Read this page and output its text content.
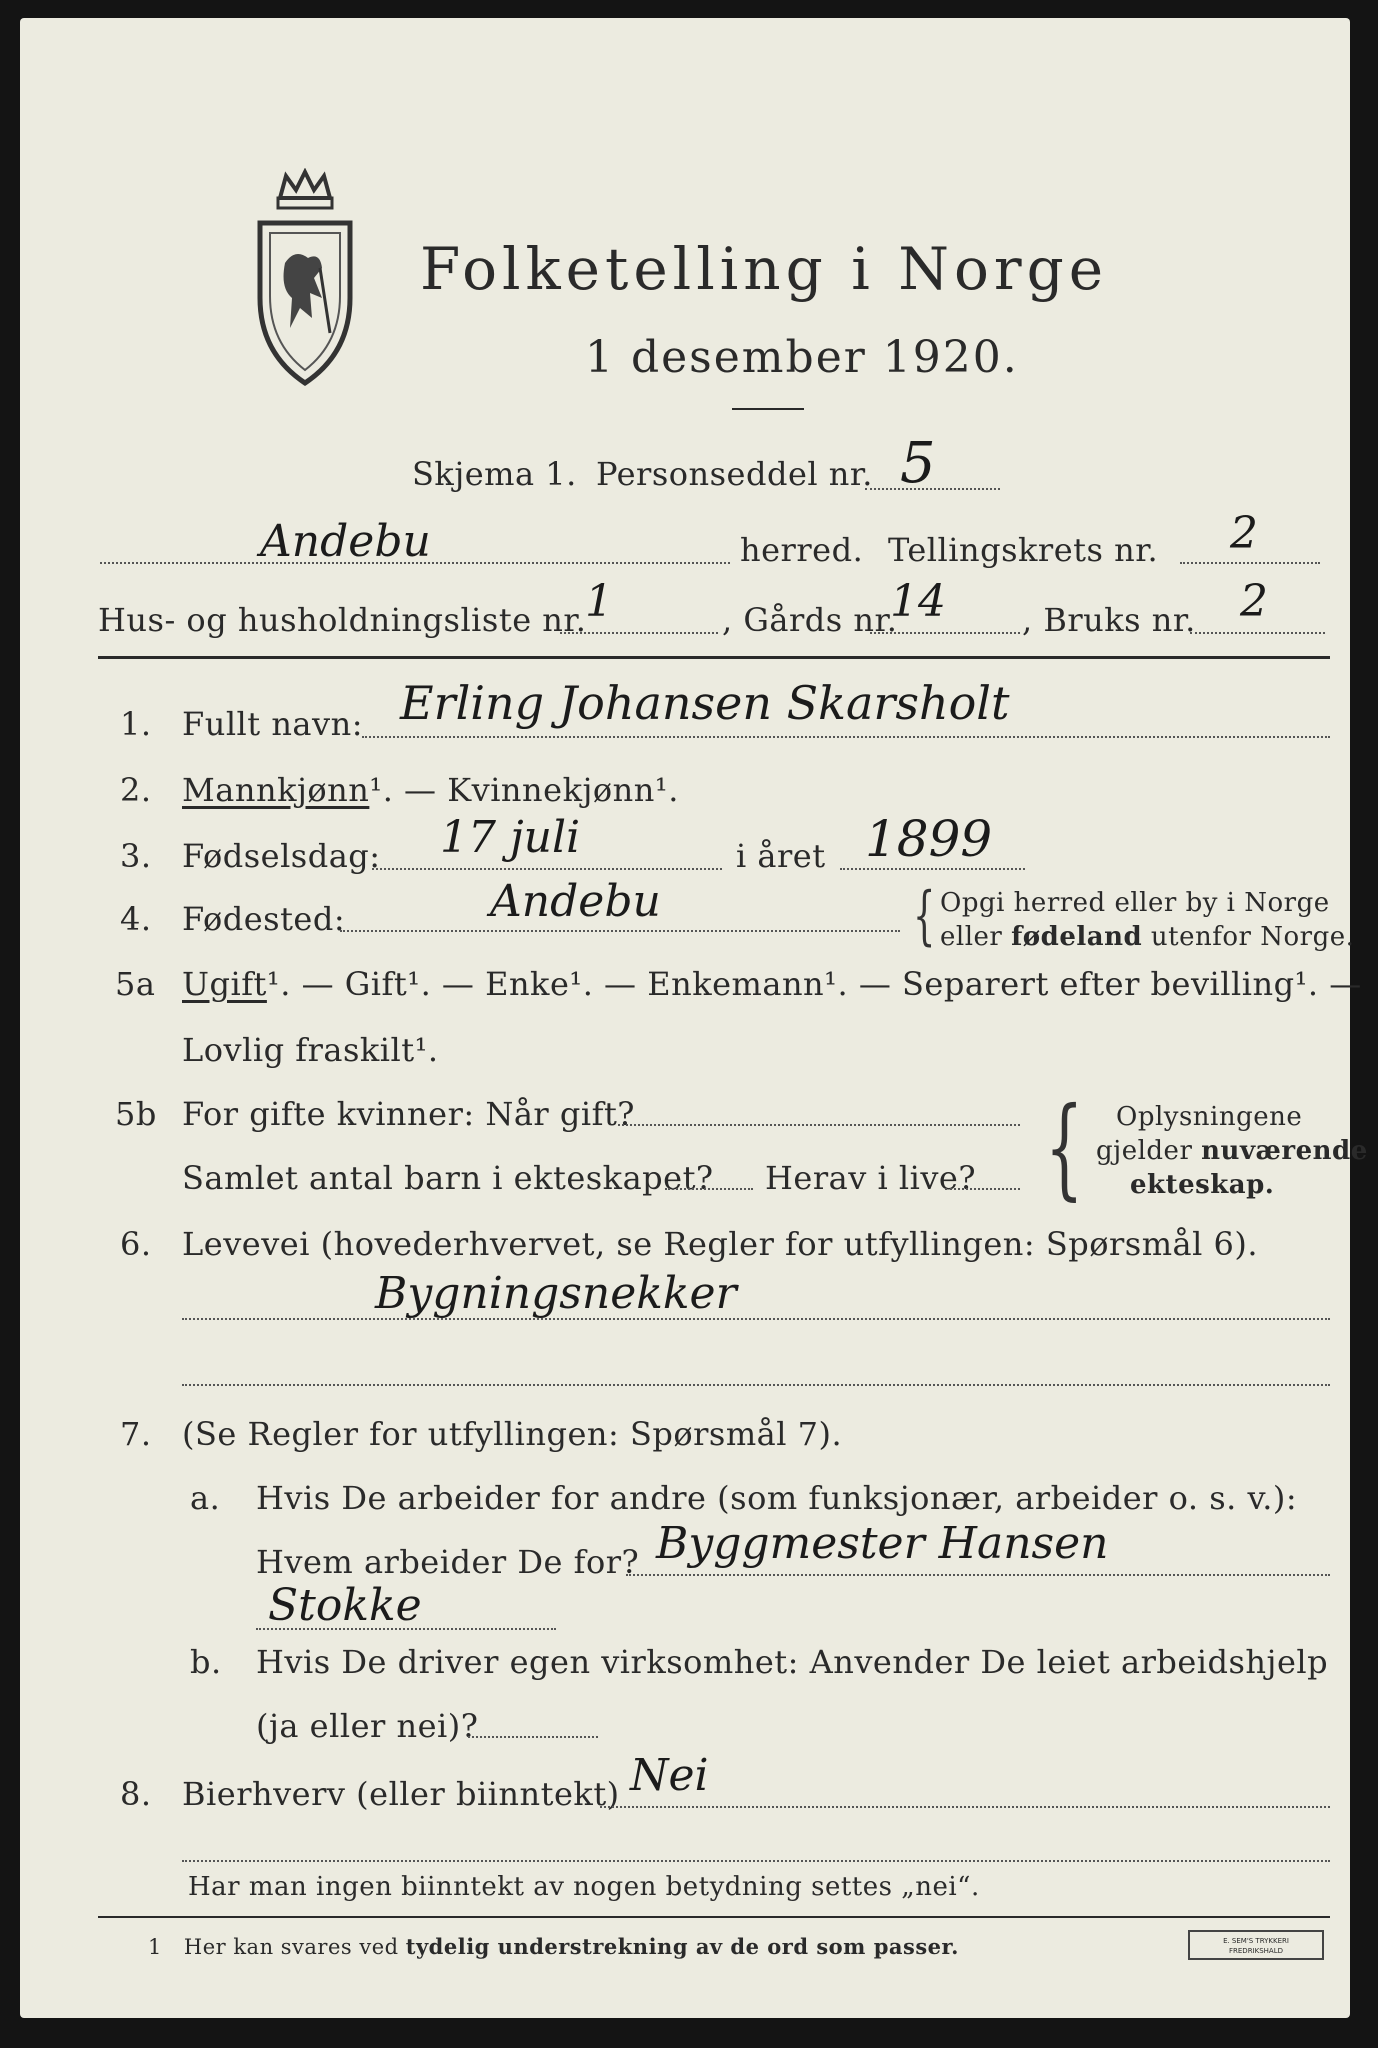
Folketelling i Norge
1 desember 1920.
Skjema 1. Personseddel nr. 5
Andebu	herred. Tellingskrets nr. 2
Hus- og husholdningsliste nr.
1	, Gårds nr.
14 , Bruks nr. 2
1. Fullt navn: Erling Johansen Skarsholt
2. Mannkjønn¹. — Kvinnekjønn¹.
3. Fødselsdag: 17 juli	i året 1899
4. Fødested:	Andebu	{ Opgi herred eller by i Norge
eller fødeland utenfor Norge.
5a Ugift¹. — Gift¹. — Enke¹. — Enkemann¹. — Separert efter bevilling¹. —
Lovlig fraskilt¹.
5b For gifte kvinner: Når gift?
Samlet antal barn i ekteskapet? Herav i live? { Oplysningene
gjelder nuværende
ekteskap.
6. Levevei (hovederhvervet, se Regler for utfyllingen: Spørsmål 6).
Bygningsnekker
7. (Se Regler for utfyllingen: Spørsmål 7).
a. Hvis De arbeider for andre (som funksjonær, arbeider o. s. v.):
Hvem arbeider De for? Byggmester Hansen
Stokke
b. Hvis De driver egen virksomhet: Anvender De leiet arbeidshjelp
(ja eller nei)?
8. Bierhverv (eller biinntekt) Nei
Har man ingen biinntekt av nogen betydning settes „nei“.
1 Her kan svares ved tydelig understrekning av de ord som passer.	E. SEM'S TRYKKERI
FREDRIKSHALD
